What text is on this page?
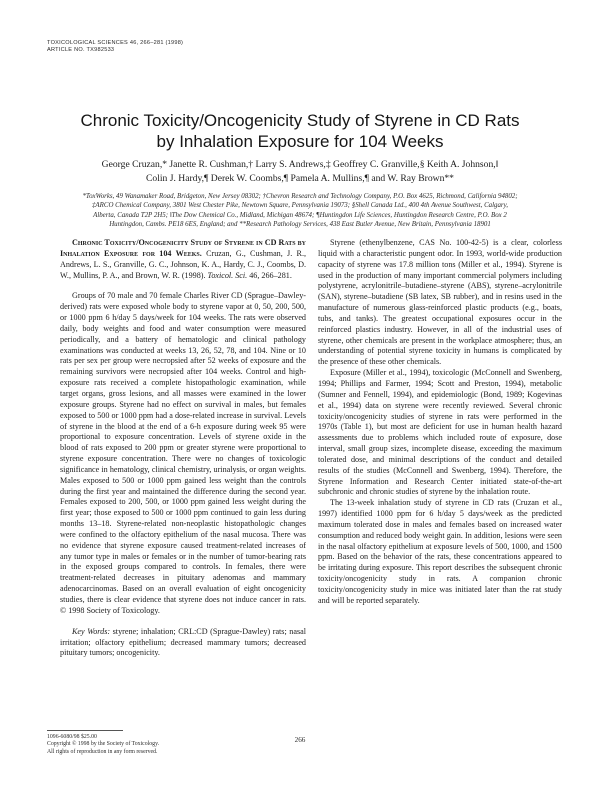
TOXICOLOGICAL SCIENCES 46, 266–281 (1998)
ARTICLE NO. TX982533
Chronic Toxicity/Oncogenicity Study of Styrene in CD Rats
by Inhalation Exposure for 104 Weeks
George Cruzan,* Janette R. Cushman,† Larry S. Andrews,‡ Geoffrey C. Granville,§ Keith A. Johnson,‖
Colin J. Hardy,¶ Derek W. Coombs,¶ Pamela A. Mullins,¶ and W. Ray Brown**
*ToxWorks, 49 Wanamaker Road, Bridgeton, New Jersey 08302; †Chevron Research and Technology Company, P.O. Box 4625, Richmond, California 94802;
‡ARCO Chemical Company, 3801 West Chester Pike, Newtown Square, Pennsylvania 19073; §Shell Canada Ltd., 400 4th Avenue Southwest, Calgary,
Alberta, Canada T2P 2H5; ‖The Dow Chemical Co., Midland, Michigan 48674; ¶Huntingdon Life Sciences, Huntingdon Research Centre, P.O. Box 2
Huntingdon, Cambs. PE18 6ES, England; and **Research Pathology Services, 438 East Butler Avenue, New Britain, Pennsylvania 18901

Chronic Toxicity/Oncogenicity Study of Styrene in CD Rats by Inhalation Exposure for 104 Weeks. Cruzan, G., Cushman, J. R., Andrews, L. S., Granville, G. C., Johnson, K. A., Hardy, C. J., Coombs, D. W., Mullins, P. A., and Brown, W. R. (1998). Toxicol. Sci. 46, 266–281.

Groups of 70 male and 70 female Charles River CD (Sprague–Dawley-derived) rats were exposed whole body to styrene vapor at 0, 50, 200, 500, or 1000 ppm 6 h/day 5 days/week for 104 weeks. The rats were observed daily, body weights and food and water consumption were measured periodically, and a battery of hematologic and clinical pathology examinations was conducted at weeks 13, 26, 52, 78, and 104. Nine or 10 rats per sex per group were necropsied after 52 weeks of exposure and the remaining survivors were necropsied after 104 weeks. Control and high-exposure rats received a complete histopathologic examination, while target organs, gross lesions, and all masses were examined in the lower exposure groups. Styrene had no effect on survival in males, but females exposed to 500 or 1000 ppm had a dose-related increase in survival. Levels of styrene in the blood at the end of a 6-h exposure during week 95 were proportional to exposure concentration. Levels of styrene oxide in the blood of rats exposed to 200 ppm or greater styrene were proportional to styrene exposure concentration. There were no changes of toxicologic significance in hematology, clinical chemistry, urinalysis, or organ weights. Males exposed to 500 or 1000 ppm gained less weight than the controls during the first year and maintained the difference during the second year. Females exposed to 200, 500, or 1000 ppm gained less weight during the first year; those exposed to 500 or 1000 ppm continued to gain less during months 13–18. Styrene-related non-neoplastic histopathologic changes were confined to the olfactory epithelium of the nasal mucosa. There was no evidence that styrene exposure caused treatment-related increases of any tumor type in males or females or in the number of tumor-bearing rats in the exposed groups compared to controls. In females, there were treatment-related decreases in pituitary adenomas and mammary adenocarcinomas. Based on an overall evaluation of eight oncogenicity studies, there is clear evidence that styrene does not induce cancer in rats. © 1998 Society of Toxicology.

Key Words: styrene; inhalation; CRL:CD (Sprague-Dawley) rats; nasal irritation; olfactory epithelium; decreased mammary tumors; decreased pituitary tumors; oncogenicity.

Styrene (ethenylbenzene, CAS No. 100-42-5) is a clear, colorless liquid with a characteristic pungent odor. In 1993, world-wide production capacity of styrene was 17.8 million tons (Miller et al., 1994). Styrene is used in the production of many important commercial polymers including polystyrene, acrylonitrile–butadiene–styrene (ABS), styrene–acrylonitrile (SAN), styrene–butadiene (SB latex, SB rubber), and in resins used in the manufacture of numerous glass-reinforced plastic products (e.g., boats, tubs, and tanks). The greatest occupational exposures occur in the reinforced plastics industry. However, in all of the industrial uses of styrene, other chemicals are present in the workplace atmosphere; thus, an understanding of potential styrene toxicity in humans is complicated by the presence of these other chemicals.

Exposure (Miller et al., 1994), toxicologic (McConnell and Swenberg, 1994; Phillips and Farmer, 1994; Scott and Preston, 1994), metabolic (Sumner and Fennell, 1994), and epidemiologic (Bond, 1989; Kogevinas et al., 1994) data on styrene were recently reviewed. Several chronic toxicity/oncogenicity studies of styrene in rats were performed in the 1970s (Table 1), but most are deficient for use in human health hazard assessments due to problems which included route of exposure, dose interval, small group sizes, incomplete disease, exceeding the maximum tolerated dose, and minimal descriptions of the conduct and detailed results of the studies (McConnell and Swenberg, 1994). Therefore, the Styrene Information and Research Center initiated state-of-the-art subchronic and chronic studies of styrene by the inhalation route.

The 13-week inhalation study of styrene in CD rats (Cruzan et al., 1997) identified 1000 ppm for 6 h/day 5 days/week as the predicted maximum tolerated dose in males and females based on increased water consumption and reduced body weight gain. In addition, lesions were seen in the nasal olfactory epithelium at exposure levels of 500, 1000, and 1500 ppm. Based on the behavior of the rats, these concentrations appeared to be irritating during exposure. This report describes the subsequent chronic toxicity/oncogenicity study in rats. A companion chronic toxicity/oncogenicity study in mice was initiated later than the rat study and will be reported separately.

1096-6080/98 $25.00
Copyright © 1998 by the Society of Toxicology.
All rights of reproduction in any form reserved.
266
